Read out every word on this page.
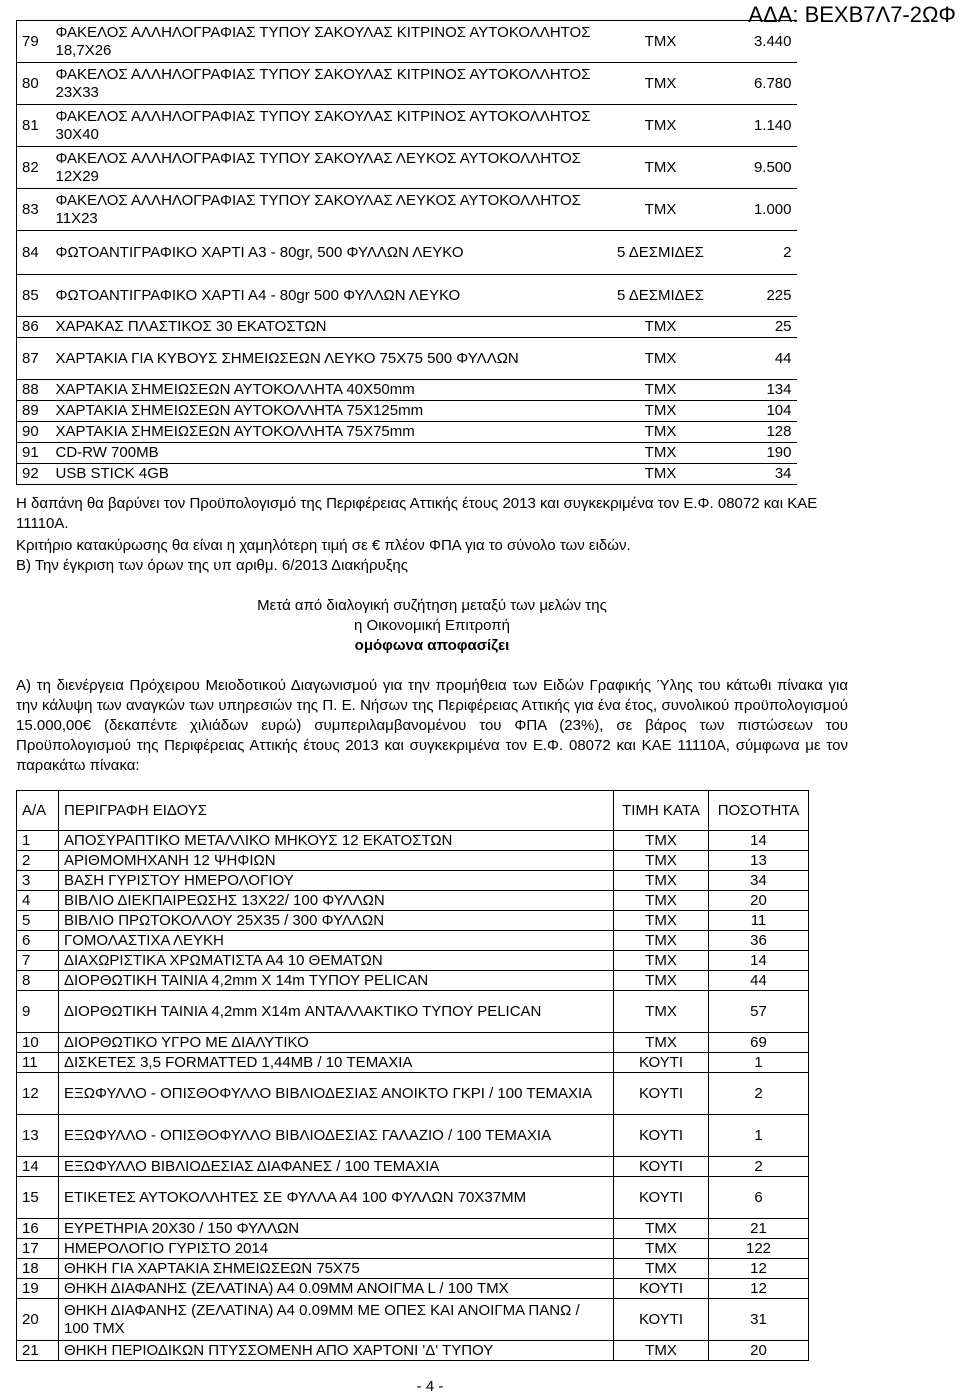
ΑΔΑ: ΒΕΧΒ7Λ7-2ΩΦ
79	ΦΑΚΕΛΟΣ ΑΛΛΗΛΟΓΡΑΦΙΑΣ ΤΥΠΟΥ ΣΑΚΟΥΛΑΣ ΚΙΤΡΙΝΟΣ ΑΥΤΟΚΟΛΛΗΤΟΣ 18,7Χ26	ΤΜΧ	3.440
80	ΦΑΚΕΛΟΣ ΑΛΛΗΛΟΓΡΑΦΙΑΣ ΤΥΠΟΥ ΣΑΚΟΥΛΑΣ ΚΙΤΡΙΝΟΣ ΑΥΤΟΚΟΛΛΗΤΟΣ 23Χ33	ΤΜΧ	6.780
81	ΦΑΚΕΛΟΣ ΑΛΛΗΛΟΓΡΑΦΙΑΣ ΤΥΠΟΥ ΣΑΚΟΥΛΑΣ ΚΙΤΡΙΝΟΣ ΑΥΤΟΚΟΛΛΗΤΟΣ 30Χ40	ΤΜΧ	1.140
82	ΦΑΚΕΛΟΣ ΑΛΛΗΛΟΓΡΑΦΙΑΣ ΤΥΠΟΥ ΣΑΚΟΥΛΑΣ ΛΕΥΚΟΣ ΑΥΤΟΚΟΛΛΗΤΟΣ 12Χ29	ΤΜΧ	9.500
83	ΦΑΚΕΛΟΣ ΑΛΛΗΛΟΓΡΑΦΙΑΣ ΤΥΠΟΥ ΣΑΚΟΥΛΑΣ ΛΕΥΚΟΣ ΑΥΤΟΚΟΛΛΗΤΟΣ 11Χ23	ΤΜΧ	1.000
84	ΦΩΤΟΑΝΤΙΓΡΑΦΙΚΟ ΧΑΡΤΙ Α3 - 80gr, 500 ΦΥΛΛΩΝ ΛΕΥΚΟ	5 ΔΕΣΜΙΔΕΣ	2
85	ΦΩΤΟΑΝΤΙΓΡΑΦΙΚΟ ΧΑΡΤΙ Α4 - 80gr 500 ΦΥΛΛΩΝ ΛΕΥΚΟ	5 ΔΕΣΜΙΔΕΣ	225
86	ΧΑΡΑΚΑΣ ΠΛΑΣΤΙΚΟΣ 30 ΕΚΑΤΟΣΤΩΝ	ΤΜΧ	25
87	ΧΑΡΤΑΚΙΑ ΓΙΑ ΚΥΒΟΥΣ ΣΗΜΕΙΩΣΕΩΝ ΛΕΥΚΟ 75Χ75 500 ΦΥΛΛΩΝ	ΤΜΧ	44
88	ΧΑΡΤΑΚΙΑ ΣΗΜΕΙΩΣΕΩΝ ΑΥΤΟΚΟΛΛΗΤΑ 40Χ50mm	ΤΜΧ	134
89	ΧΑΡΤΑΚΙΑ ΣΗΜΕΙΩΣΕΩΝ ΑΥΤΟΚΟΛΛΗΤΑ 75Χ125mm	ΤΜΧ	104
90	ΧΑΡΤΑΚΙΑ ΣΗΜΕΙΩΣΕΩΝ ΑΥΤΟΚΟΛΛΗΤΑ 75Χ75mm	ΤΜΧ	128
91	CD-RW 700MB	ΤΜΧ	190
92	USB STICK 4GB	ΤΜΧ	34
Η δαπάνη θα βαρύνει τον Προϋπολογισμό της Περιφέρειας Αττικής έτους 2013 και συγκεκριμένα τον Ε.Φ. 08072 και ΚΑΕ 11110Α.
Κριτήριο κατακύρωσης θα είναι η χαμηλότερη τιμή σε € πλέον ΦΠΑ για το σύνολο των ειδών.
Β) Την έγκριση των όρων της υπ αριθμ. 6/2013 Διακήρυξης
Μετά από διαλογική συζήτηση μεταξύ των μελών της
η Οικονομική Επιτροπή
ομόφωνα αποφασίζει
Α) τη διενέργεια Πρόχειρου Μειοδοτικού Διαγωνισμού για την προμήθεια των Ειδών Γραφικής Ύλης του κάτωθι πίνακα για την κάλυψη των αναγκών των υπηρεσιών της Π. Ε. Νήσων της Περιφέρειας Αττικής για ένα έτος, συνολικού προϋπολογισμού 15.000,00€ (δεκαπέντε χιλιάδων ευρώ) συμπεριλαμβανομένου του ΦΠΑ (23%), σε βάρος των πιστώσεων του Προϋπολογισμού της Περιφέρειας Αττικής έτους 2013 και συγκεκριμένα τον Ε.Φ. 08072 και ΚΑΕ 11110Α, σύμφωνα με τον παρακάτω πίνακα:
Α/Α	ΠΕΡΙΓΡΑΦΗ ΕΙΔΟΥΣ	ΤΙΜΗ ΚΑΤΑ	ΠΟΣΟΤΗΤΑ
1	ΑΠΟΣΥΡΑΠΤΙΚΟ ΜΕΤΑΛΛΙΚΟ ΜΗΚΟΥΣ 12 ΕΚΑΤΟΣΤΩΝ	ΤΜΧ	14
2	ΑΡΙΘΜΟΜΗΧΑΝΗ 12 ΨΗΦΙΩΝ	ΤΜΧ	13
3	ΒΑΣΗ ΓΥΡΙΣΤΟΥ ΗΜΕΡΟΛΟΓΙΟΥ	ΤΜΧ	34
4	ΒΙΒΛΙΟ ΔΙΕΚΠΑΙΡΕΩΣΗΣ 13Χ22/ 100 ΦΥΛΛΩΝ	ΤΜΧ	20
5	ΒΙΒΛΙΟ ΠΡΩΤΟΚΟΛΛΟΥ 25Χ35 / 300 ΦΥΛΛΩΝ	ΤΜΧ	11
6	ΓΟΜΟΛΑΣΤΙΧΑ ΛΕΥΚΗ	ΤΜΧ	36
7	ΔΙΑΧΩΡΙΣΤΙΚΑ ΧΡΩΜΑΤΙΣΤΑ Α4 10 ΘΕΜΑΤΩΝ	ΤΜΧ	14
8	ΔΙΟΡΘΩΤΙΚΗ ΤΑΙΝΙΑ 4,2mm X 14m ΤΥΠΟΥ PELICAN	ΤΜΧ	44
9	ΔΙΟΡΘΩΤΙΚΗ ΤΑΙΝΙΑ 4,2mm X14m ΑΝΤΑΛΛΑΚΤΙΚΟ ΤΥΠΟΥ PELICAN	ΤΜΧ	57
10	ΔΙΟΡΘΩΤΙΚΟ ΥΓΡΟ ΜΕ ΔΙΑΛΥΤΙΚΟ	ΤΜΧ	69
11	ΔΙΣΚΕΤΕΣ 3,5 FORMATTED 1,44MB / 10 ΤΕΜΑΧΙΑ	ΚΟΥΤΙ	1
12	ΕΞΩΦΥΛΛΟ - ΟΠΙΣΘΟΦΥΛΛΟ ΒΙΒΛΙΟΔΕΣΙΑΣ ΑΝΟΙΚΤΟ ΓΚΡΙ / 100 ΤΕΜΑΧΙΑ	ΚΟΥΤΙ	2
13	ΕΞΩΦΥΛΛΟ - ΟΠΙΣΘΟΦΥΛΛΟ ΒΙΒΛΙΟΔΕΣΙΑΣ ΓΑΛΑΖΙΟ / 100 ΤΕΜΑΧΙΑ	ΚΟΥΤΙ	1
14	ΕΞΩΦΥΛΛΟ ΒΙΒΛΙΟΔΕΣΙΑΣ ΔΙΑΦΑΝΕΣ / 100 ΤΕΜΑΧΙΑ	ΚΟΥΤΙ	2
15	ΕΤΙΚΕΤΕΣ ΑΥΤΟΚΟΛΛΗΤΕΣ ΣΕ ΦΥΛΛΑ Α4 100 ΦΥΛΛΩΝ 70Χ37ΜΜ	ΚΟΥΤΙ	6
16	ΕΥΡΕΤΗΡΙΑ 20Χ30 / 150 ΦΥΛΛΩΝ	ΤΜΧ	21
17	ΗΜΕΡΟΛΟΓΙΟ ΓΥΡΙΣΤΟ 2014	ΤΜΧ	122
18	ΘΗΚΗ ΓΙΑ ΧΑΡΤΑΚΙΑ ΣΗΜΕΙΩΣΕΩΝ 75Χ75	ΤΜΧ	12
19	ΘΗΚΗ ΔΙΑΦΑΝΗΣ (ΖΕΛΑΤΙΝΑ) Α4 0.09ΜΜ ΑΝΟΙΓΜΑ L / 100 ΤΜΧ	ΚΟΥΤΙ	12
20	ΘΗΚΗ ΔΙΑΦΑΝΗΣ (ΖΕΛΑΤΙΝΑ) Α4 0.09ΜΜ ΜΕ ΟΠΕΣ ΚΑΙ ΑΝΟΙΓΜΑ ΠΑΝΩ / 100 ΤΜΧ	ΚΟΥΤΙ	31
21	ΘΗΚΗ ΠΕΡΙΟΔΙΚΩΝ ΠΤΥΣΣΟΜΕΝΗ ΑΠΟ ΧΑΡΤΟΝΙ 'Δ' ΤΥΠΟΥ	ΤΜΧ	20
- 4 -
